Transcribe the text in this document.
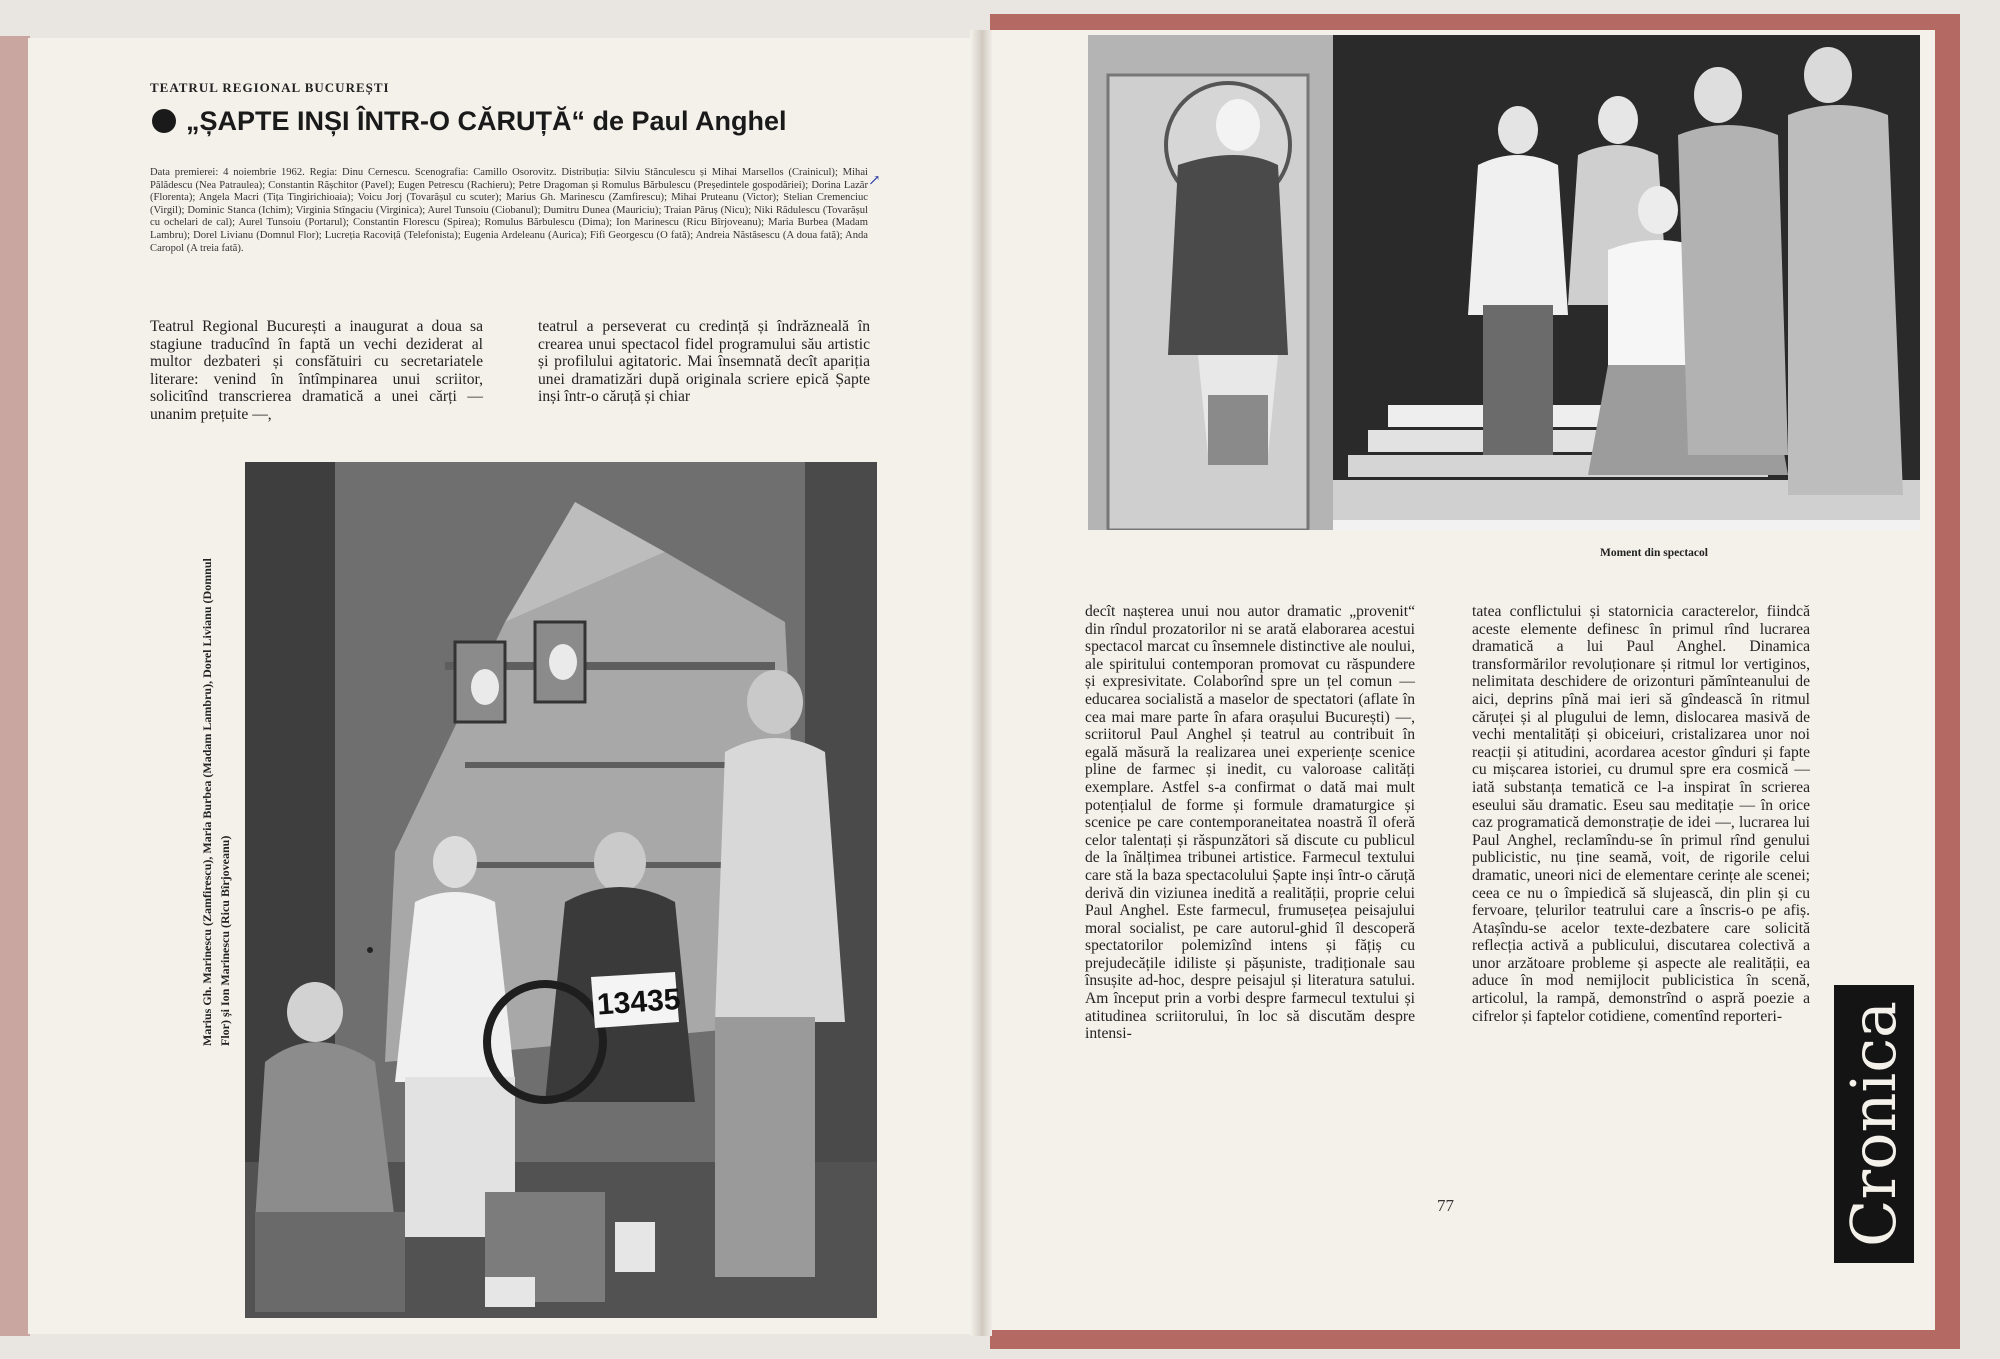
TEATRUL REGIONAL BUCUREȘTI
„ȘAPTE INȘI ÎNTR-O CĂRUȚĂ“ de Paul Anghel
Data premierei: 4 noiembrie 1962. Regia: Dinu Cernescu. Scenografia: Camillo Osorovitz. Distribuția: Silviu Stănculescu și Mihai Marsellos (Crainicul); Mihai Pălădescu (Nea Patraulea); Constantin Rășchitor (Pavel); Eugen Petrescu (Rachieru); Petre Dragoman și Romulus Bărbulescu (Președintele gospodăriei); Dorina Lazăr (Florenta); Angela Macri (Tița Tingirichioaia); Voicu Jorj (Tovarășul cu scuter); Marius Gh. Marinescu (Zamfirescu); Mihai Pruteanu (Victor); Stelian Cremenciuc (Virgil); Dominic Stanca (Ichim); Virginia Stîngaciu (Virginica); Aurel Tunsoiu (Ciobanul); Dumitru Dunea (Mauriciu); Traian Păruș (Nicu); Niki Rădulescu (Tovarășul cu ochelari de cal); Aurel Tunsoiu (Portarul); Constantin Florescu (Spirea); Romulus Bărbulescu (Dima); Ion Marinescu (Ricu Bîrjoveanu); Maria Burbea (Madam Lambru); Dorel Livianu (Domnul Flor); Lucreția Racoviță (Telefonista); Eugenia Ardeleanu (Aurica); Fifi Georgescu (O fată); Andreia Năstăsescu (A doua fată); Anda Caropol (A treia fată).
↗
Teatrul Regional București a inaugurat a doua sa stagiune traducînd în faptă un vechi deziderat al multor dezbateri și consfătuiri cu secretariatele literare: venind în întîmpinarea unui scriitor, solicitînd transcrierea dramatică a unei cărți — unanim prețuite —,
teatrul a perseverat cu credință și îndrăzneală în crearea unui spectacol fidel programului său artistic și profilului agitatoric. Mai însemnată decît apariția unei dramatizări după originala scriere epică Șapte inși într-o căruță și chiar
Marius Gh. Marinescu (Zamfirescu), Maria Burbea (Madam Lambru), Dorel Livianu (Domnul Flor) și Ion Marinescu (Ricu Bîrjoveanu)	13435
Moment din spectacol
decît nașterea unui nou autor dramatic „provenit“ din rîndul prozatorilor ni se arată elaborarea acestui spectacol marcat cu însemnele distinctive ale noului, ale spiritului contemporan promovat cu răspundere și expresivitate. Colaborînd spre un țel comun — educarea socialistă a maselor de spectatori (aflate în cea mai mare parte în afara orașului București) —, scriitorul Paul Anghel și teatrul au contribuit în egală măsură la realizarea unei experiențe scenice pline de farmec și inedit, cu valoroase calități exemplare. Astfel s-a confirmat o dată mai mult potențialul de forme și formule dramaturgice și scenice pe care contemporaneitatea noastră îl oferă celor talentați și răspunzători să discute cu publicul de la înălțimea tribunei artistice. Farmecul textului care stă la baza spectacolului Șapte inși într-o căruță derivă din viziunea inedită a realității, proprie celui Paul Anghel. Este farmecul, frumusețea peisajului moral socialist, pe care autorul-ghid îl descoperă spectatorilor polemizînd intens și fățiș cu prejudecățile idiliste și pășuniste, tradiționale sau însușite ad-hoc, despre peisajul și literatura satului. Am început prin a vorbi despre farmecul textului și atitudinea scriitorului, în loc să discutăm despre intensi-
tatea conflictului și statornicia caracterelor, fiindcă aceste elemente definesc în primul rînd lucrarea dramatică a lui Paul Anghel. Dinamica transformărilor revoluționare și ritmul lor vertiginos, nelimitata deschidere de orizonturi pămînteanului de aici, deprins pînă mai ieri să gîndească în ritmul căruței și al plugului de lemn, dislocarea masivă de vechi mentalități și obiceiuri, cristalizarea unor noi reacții și atitudini, acordarea acestor gînduri și fapte cu mișcarea istoriei, cu drumul spre era cosmică — iată substanța tematică ce l-a inspirat în scrierea eseului său dramatic. Eseu sau meditație — în orice caz programatică demonstrație de idei —, lucrarea lui Paul Anghel, reclamîndu-se în primul rînd genului publicistic, nu ține seamă, voit, de rigorile celui dramatic, uneori nici de elementare cerințe ale scenei; ceea ce nu o împiedică să slujească, din plin și cu fervoare, țelurilor teatrului care a înscris-o pe afiș. Atașîndu-se acelor texte-dezbatere care solicită reflecția activă a publicului, discutarea colectivă a unor arzătoare probleme și aspecte ale realității, ea aduce în mod nemijlocit publicistica în scenă, articolul, la rampă, demonstrînd o aspră poezie a cifrelor și faptelor cotidiene, comentînd reporteri-
77	Cronica
